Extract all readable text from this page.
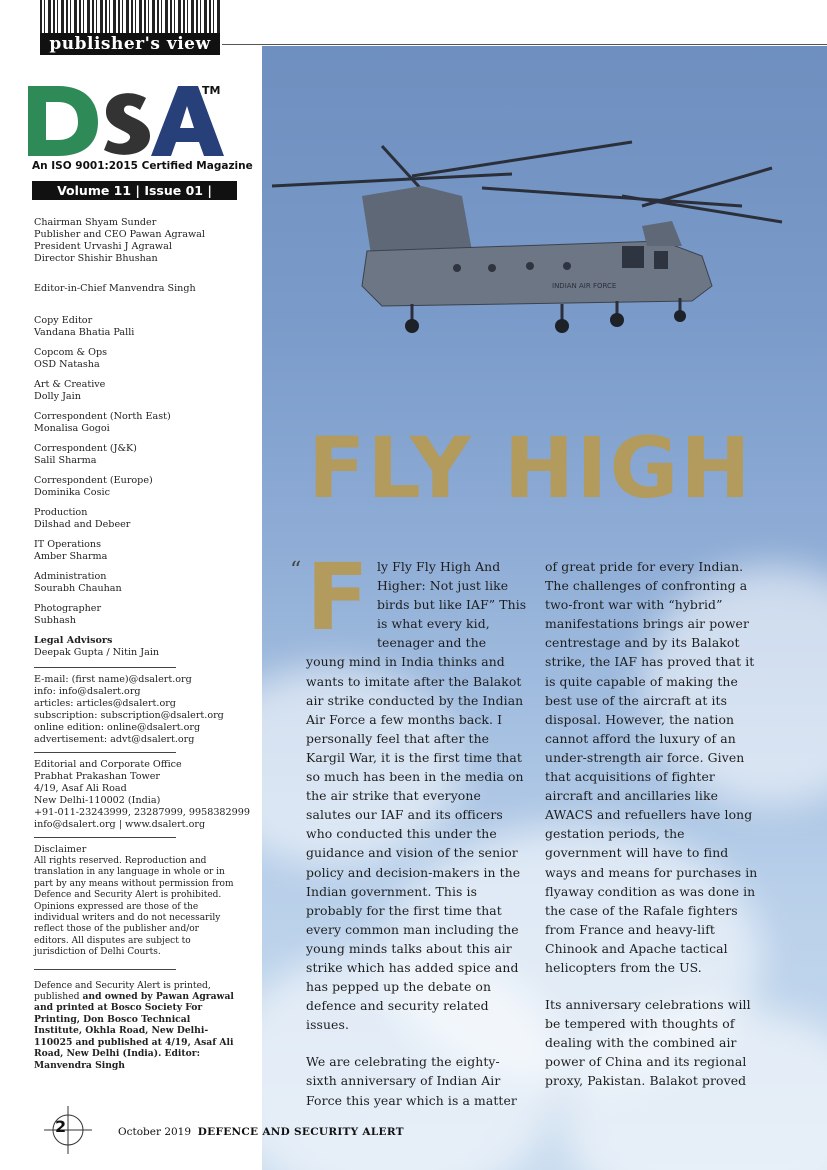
publisher's view
INDIAN AIR FORCE
TM
An ISO 9001:2015 Certified Magazine
Volume 11 | Issue 01 | October 2019
Chairman Shyam Sunder
Publisher and CEO Pawan Agrawal
President Urvashi J Agrawal
Director Shishir Bhushan
Editor-in-Chief Manvendra Singh
Copy Editor
Vandana Bhatia Palli
Copcom & Ops
OSD Natasha
Art & Creative
Dolly Jain
Correspondent (North East)
Monalisa Gogoi
Correspondent (J&K)
Salil Sharma
Correspondent (Europe)
Dominika Cosic
Production
Dilshad and Debeer
IT Operations
Amber Sharma
Administration
Sourabh Chauhan
Photographer
Subhash
Legal Advisors
Deepak Gupta / Nitin Jain
E-mail: (first name)@dsalert.org
info: info@dsalert.org
articles: articles@dsalert.org
subscription: subscription@dsalert.org
online edition: online@dsalert.org
advertisement: advt@dsalert.org
Editorial and Corporate Office
Prabhat Prakashan Tower
4/19, Asaf Ali Road
New Delhi-110002 (India)
+91-011-23243999, 23287999, 9958382999
info@dsalert.org | www.dsalert.org
Disclaimer
All rights reserved. Reproduction and translation in any language in whole or in part by any means without permission from Defence and Security Alert is prohibited. Opinions expressed are those of the individual writers and do not necessarily reflect those of the publisher and/or editors. All disputes are subject to jurisdiction of Delhi Courts.
Defence and Security Alert is printed, published and owned by Pawan Agrawal and printed at Bosco Society For Printing, Don Bosco Technical Institute, Okhla Road, New Delhi-110025 and published at 4/19, Asaf Ali Road, New Delhi (India). Editor: Manvendra Singh
FLY HIGH
“ Fly Fly Fly High And Higher: Not just like birds but like IAF” This is what every kid, teenager and the young mind in India thinks and wants to imitate after the Balakot air strike conducted by the Indian Air Force a few months back. I personally feel that after the Kargil War, it is the first time that so much has been in the media on the air strike that everyone salutes our IAF and its officers who conducted this under the guidance and vision of the senior policy and decision-makers in the Indian government. This is probably for the first time that every common man including the young minds talks about this air strike which has added spice and has pepped up the debate on defence and security related issues.

We are celebrating the eighty-sixth anniversary of Indian Air Force this year which is a matter

of great pride for every Indian. The challenges of confronting a two-front war with “hybrid” manifestations brings air power centrestage and by its Balakot strike, the IAF has proved that it is quite capable of making the best use of the aircraft at its disposal. However, the nation cannot afford the luxury of an under-strength air force. Given that acquisitions of fighter aircraft and ancillaries like AWACS and refuellers have long gestation periods, the government will have to find ways and means for purchases in flyaway condition as was done in the case of the Rafale fighters from France and heavy-lift Chinook and Apache tactical helicopters from the US.

Its anniversary celebrations will be tempered with thoughts of dealing with the combined air power of China and its regional proxy, Pakistan. Balakot proved

2	October 2019 DEFENCE AND SECURITY ALERT
